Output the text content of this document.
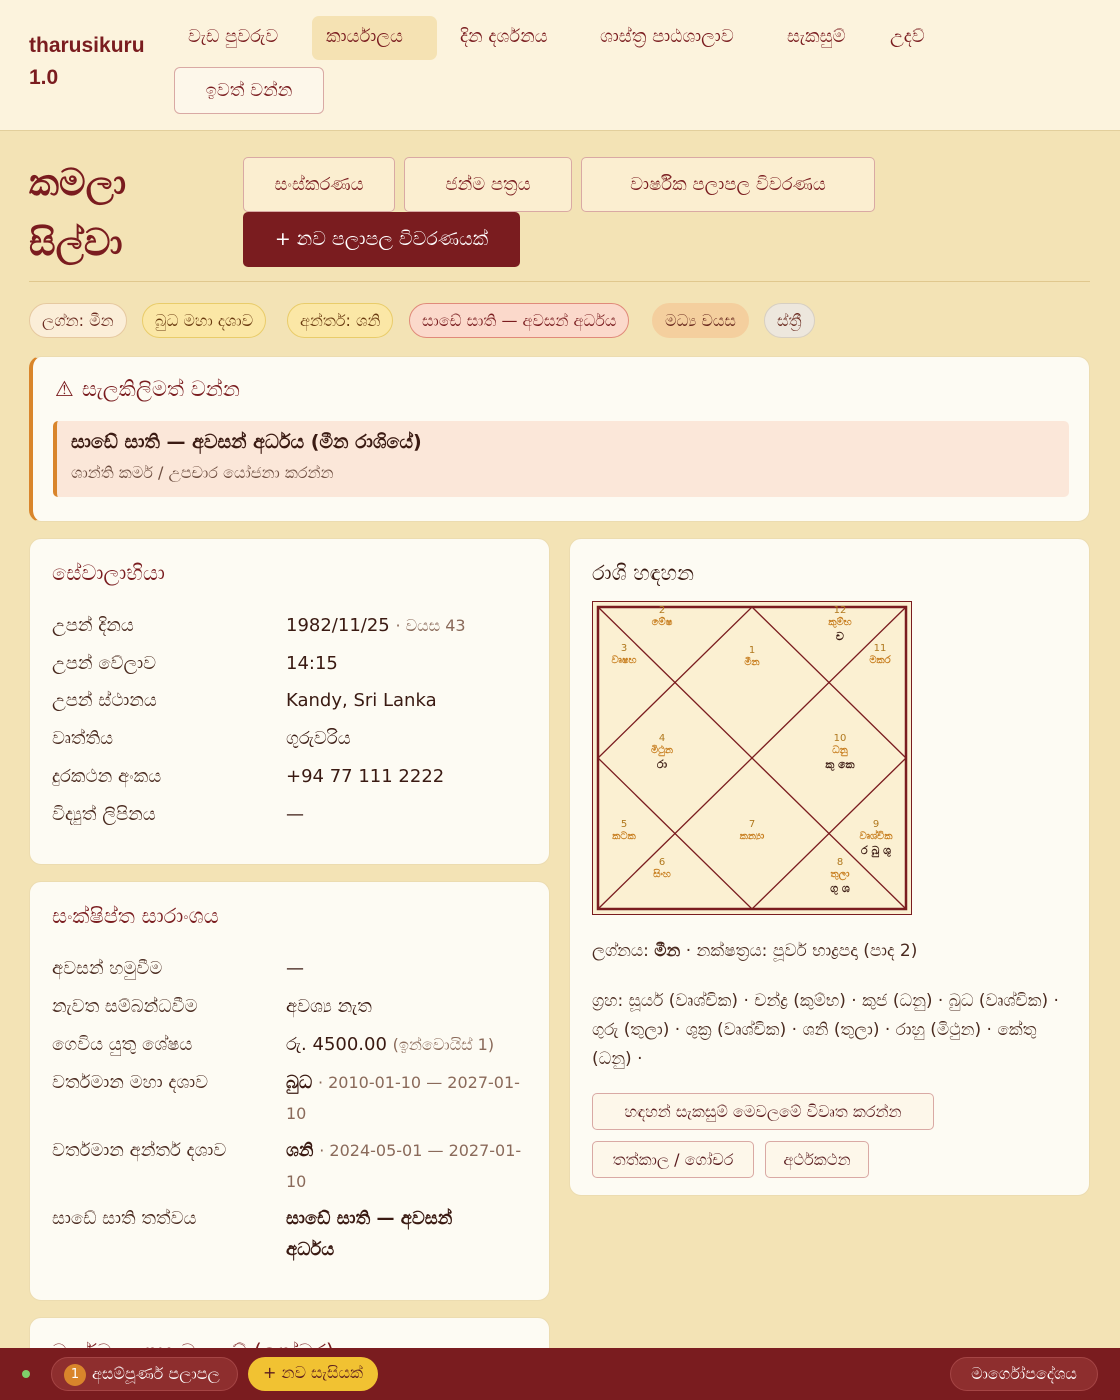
tharusikuru
1.0
වැඩ පුවරුව	කාර්යාලය	දින දර්ශනය	ශාස්ත්‍ර පාඨශාලාව	සැකසුම්	උදව්
ඉවත් වන්න
කමලා
සිල්වා
සංස්කරණය	ජන්ම පත්‍රය	වාර්ෂික පලාපල විවරණය
+ නව පලාපල විවරණයක්
ලග්න: මීන	බුධ මහා දශාව	අන්තර්: ශනි	සාඩේ සාති — අවසන් අර්ධය	මධ්‍ය වයස	ස්ත්‍රී
⚠ සැලකිලිමත් වන්න
සාඩේ සාති — අවසන් අර්ධය (මීන රාශියේ)
ශාන්ති කර්ම / උපචාර යෝජනා කරන්න
සේවාලාභියා
උපන් දිනය	1982/11/25 · වයස 43
උපන් වේලාව	14:15
උපන් ස්ථානය	Kandy, Sri Lanka
වෘත්තිය	ගුරුවරිය
දුරකථන අංකය	+94 77 111 2222
විද්‍යුත් ලිපිනය	—
සංක්ෂිප්ත සාරාංශය
අවසන් හමුවීම	—
නැවත සම්බන්ධවීම	අවශ්‍ය නැත
ගෙවිය යුතු ශේෂය	රු. 4500.00 (ඉන්වොයිස් 1)
වර්තමාන මහා දශාව	බුධ · 2010-01-10 — 2027-01-10
වර්තමාන අන්තර් දශාව	ශනි · 2024-05-01 — 2027-01-10
සාඩේ සාති තත්වය	සාඩේ සාති — අවසන් අර්ධය
රාශි හඳහන
1
මීන
2
මේෂ
3
වෘෂභ
4
මිථුන
රා
5
කටක
6
සිංහ
7
කන්‍යා
8
තුලා
ගු ශ
9
වෘශ්චික
ර බු ශු
10
ධනු
කු කෙ
11
මකර
12
කුම්භ
ච
ලග්නය: මීන · නක්ෂත්‍රය: පූර්ව භාද්‍රපදා (පාද 2)
ග්‍රහ: සූර්ය (වෘශ්චික) · චන්ද්‍ර (කුම්භ) · කුජ (ධනු) · බුධ (වෘශ්චික) · ගුරු (තුලා) · ශුක්‍ර (වෘශ්චික) · ශනි (තුලා) · රාහු (මිථුන) · කේතු (ධනු) ·
හඳහන් සැකසුම් මෙවලමේ විවෘත කරන්න
තත්කාල / ගෝචර	අර්ථකථන
1 අසම්පූර්ණ පලාපල	+ නව සැසියක්	මාර්ගෝපදේශය
